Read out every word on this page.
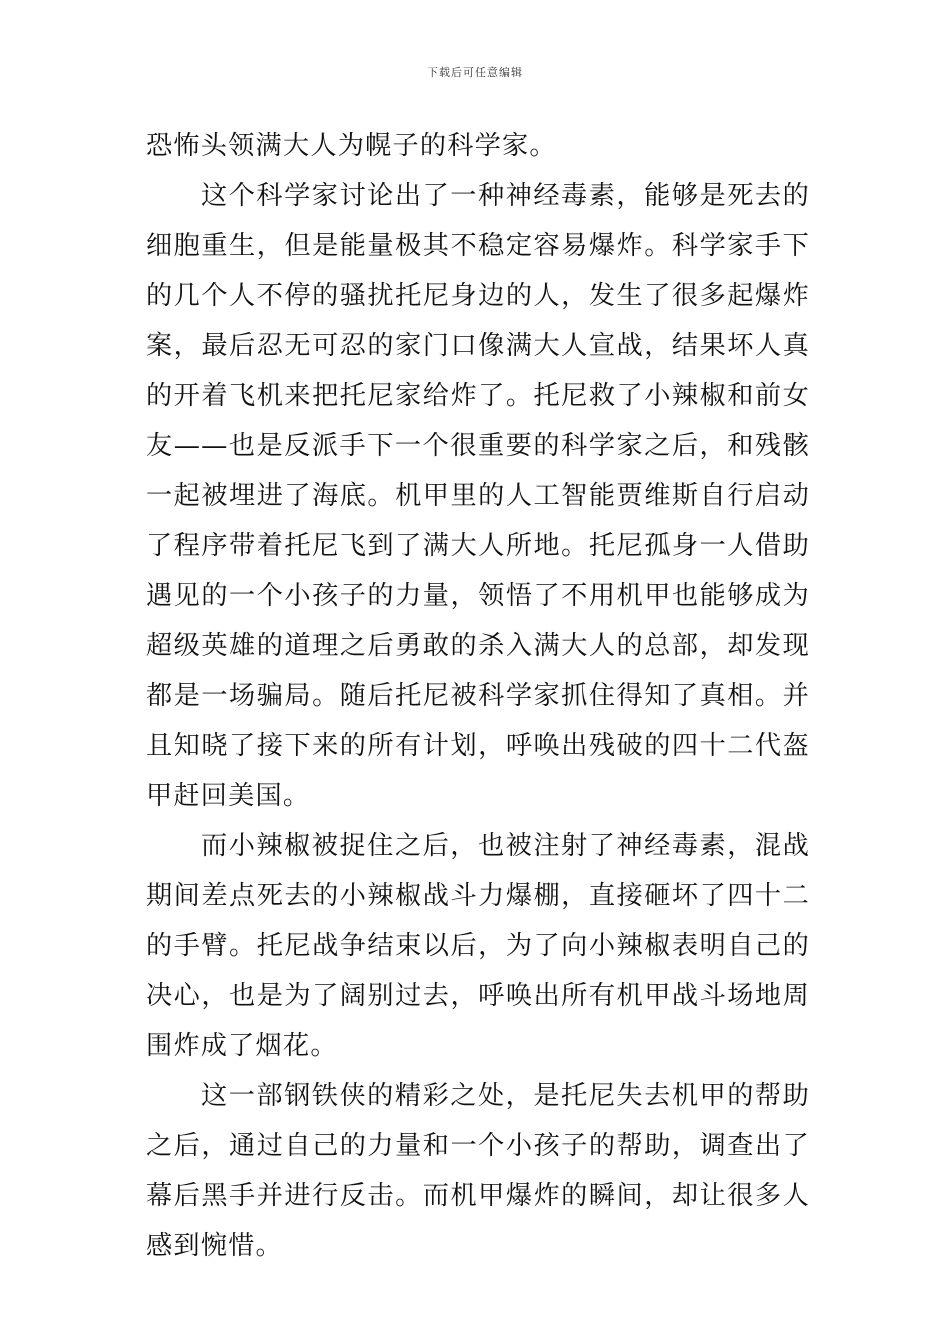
下载后可任意编辑

恐怖头领满大人为幌子的科学家。

这个科学家讨论出了一种神经毒素，能够是死去的细胞重生，但是能量极其不稳定容易爆炸。科学家手下的几个人不停的骚扰托尼身边的人，发生了很多起爆炸案，最后忍无可忍的家门口像满大人宣战，结果坏人真的开着飞机来把托尼家给炸了。托尼救了小辣椒和前女友——也是反派手下一个很重要的科学家之后，和残骸一起被埋进了海底。机甲里的人工智能贾维斯自行启动了程序带着托尼飞到了满大人所地。托尼孤身一人借助遇见的一个小孩子的力量，领悟了不用机甲也能够成为超级英雄的道理之后勇敢的杀入满大人的总部，却发现都是一场骗局。随后托尼被科学家抓住得知了真相。并且知晓了接下来的所有计划，呼唤出残破的四十二代盔甲赶回美国。

而小辣椒被捉住之后，也被注射了神经毒素，混战期间差点死去的小辣椒战斗力爆棚，直接砸坏了四十二的手臂。托尼战争结束以后，为了向小辣椒表明自己的决心，也是为了阔别过去，呼唤出所有机甲战斗场地周围炸成了烟花。

这一部钢铁侠的精彩之处，是托尼失去机甲的帮助之后，通过自己的力量和一个小孩子的帮助，调查出了幕后黑手并进行反击。而机甲爆炸的瞬间，却让很多人感到惋惜。
